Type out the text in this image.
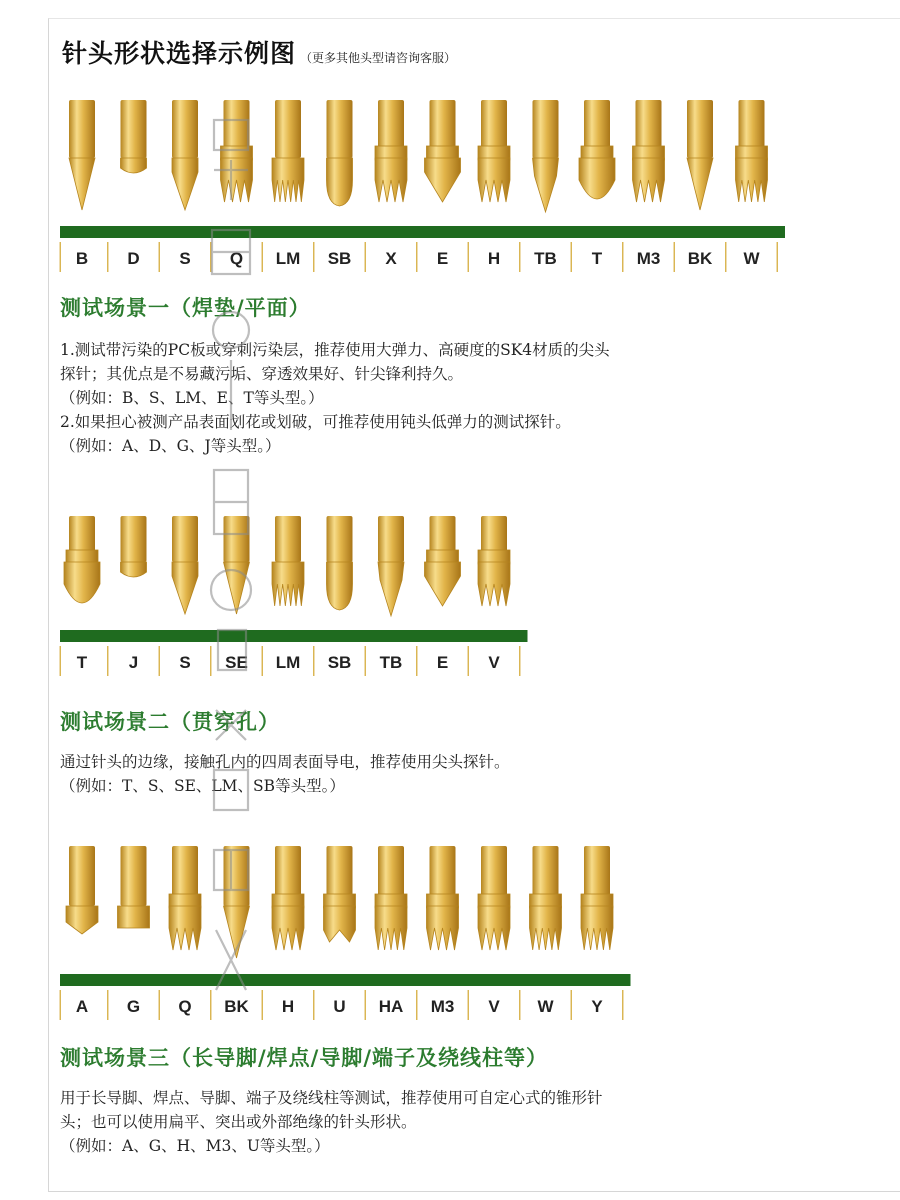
针头形状选择示例图 （更多其他头型请咨询客服）
B D S Q LM SB X E H TB T M3 BK W
测试场景一（焊垫/平面）
1.测试带污染的PC板或穿刺污染层，推荐使用大弹力、高硬度的SK4材质的尖头
探针；其优点是不易藏污垢、穿透效果好、针尖锋利持久。
（例如：B、S、LM、E、T等头型。）
2.如果担心被测产品表面划花或划破，可推荐使用钝头低弹力的测试探针。
（例如：A、D、G、J等头型。）
T J S SE LM SB TB E V
测试场景二（贯穿孔）
通过针头的边缘，接触孔内的四周表面导电，推荐使用尖头探针。
（例如：T、S、SE、LM、SB等头型。）
A G Q BK H U HA M3 V W Y
测试场景三（长导脚/焊点/导脚/端子及绕线柱等）
用于长导脚、焊点、导脚、端子及绕线柱等测试，推荐使用可自定心式的锥形针
头；也可以使用扁平、突出或外部绝缘的针头形状。
（例如：A、G、H、M3、U等头型。）
